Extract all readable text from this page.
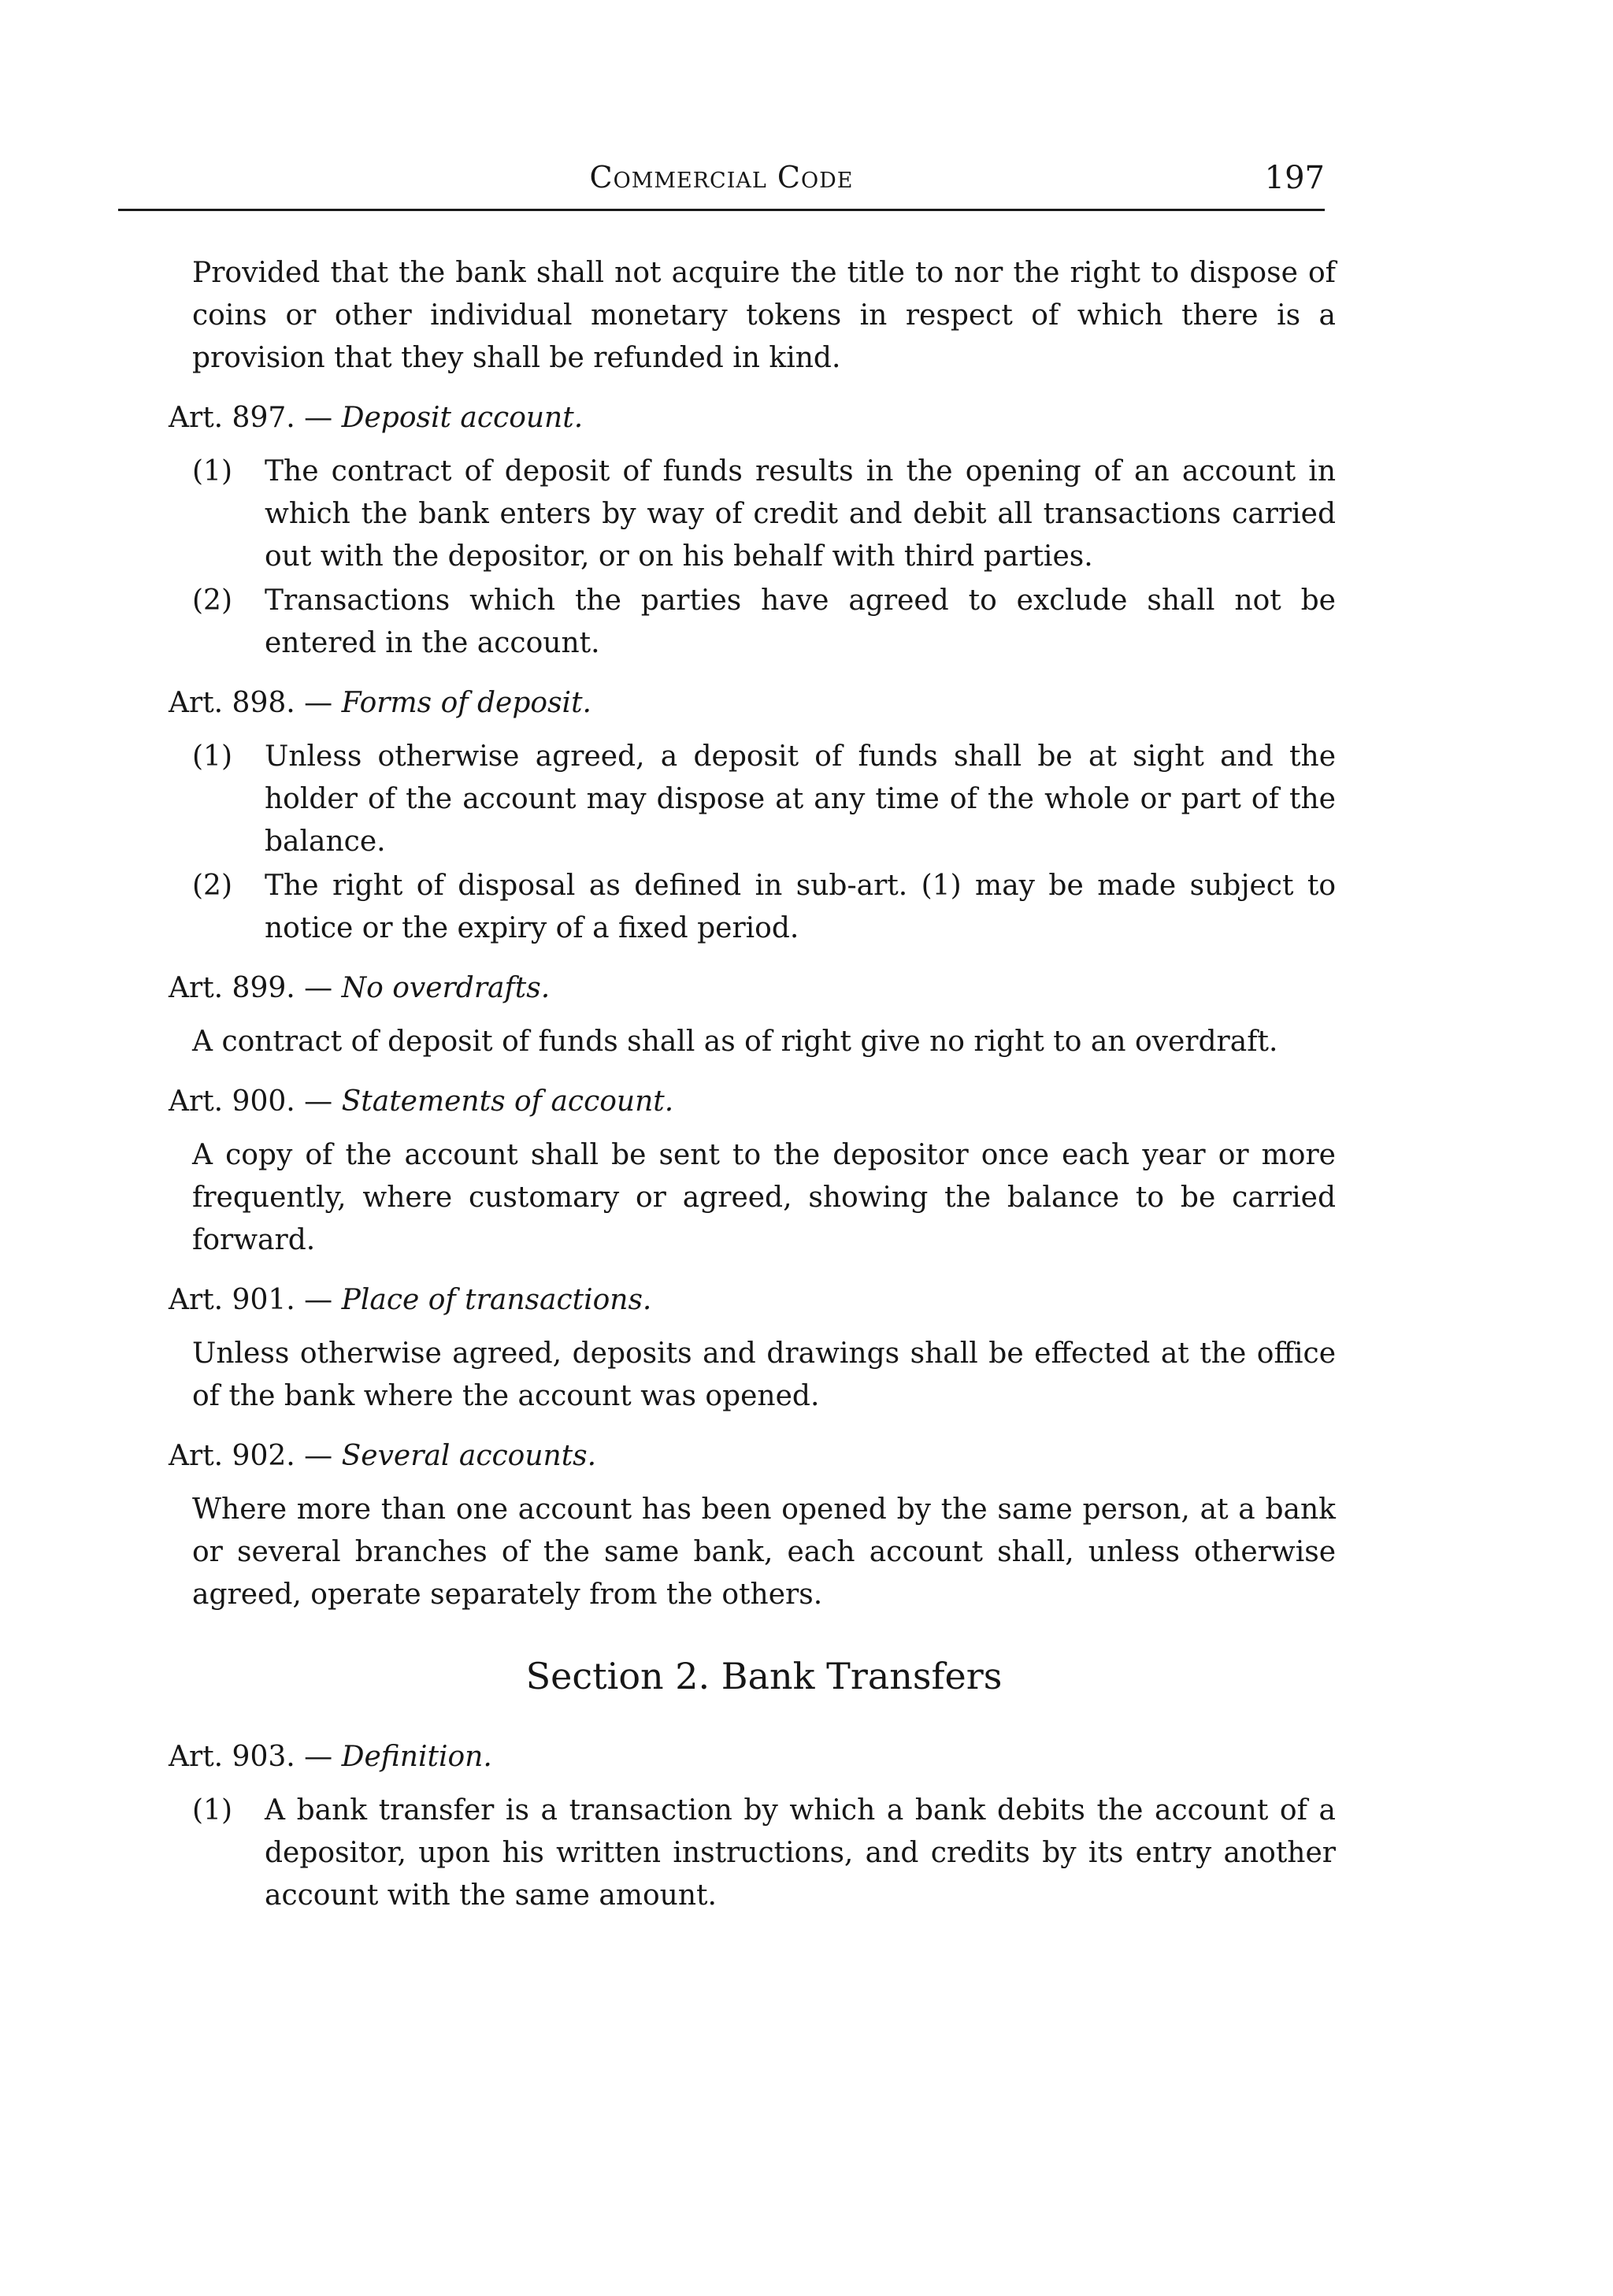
Commercial Code	197

Provided that the bank shall not acquire the title to nor the right to dispose of coins or other individual monetary tokens in respect of which there is a provision that they shall be refunded in kind.

Art. 897. — Deposit account.
(1)	The contract of deposit of funds results in the opening of an account in which the bank enters by way of credit and debit all transactions carried out with the depositor, or on his behalf with third parties.
(2)	Transactions which the parties have agreed to exclude shall not be entered in the account.
Art. 898. — Forms of deposit.
(1)	Unless otherwise agreed, a deposit of funds shall be at sight and the holder of the account may dispose at any time of the whole or part of the balance.
(2)	The right of disposal as defined in sub-art. (1) may be made subject to notice or the expiry of a fixed period.
Art. 899. — No overdrafts.

A contract of deposit of funds shall as of right give no right to an overdraft.

Art. 900. — Statements of account.

A copy of the account shall be sent to the depositor once each year or more frequently, where customary or agreed, showing the balance to be carried forward.

Art. 901. — Place of transactions.

Unless otherwise agreed, deposits and drawings shall be effected at the office of the bank where the account was opened.

Art. 902. — Several accounts.

Where more than one account has been opened by the same person, at a bank or several branches of the same bank, each account shall, unless otherwise agreed, operate separately from the others.

Section 2. Bank Transfers
Art. 903. — Definition.
(1)	A bank transfer is a transaction by which a bank debits the account of a depositor, upon his written instructions, and credits by its entry another account with the same amount.
